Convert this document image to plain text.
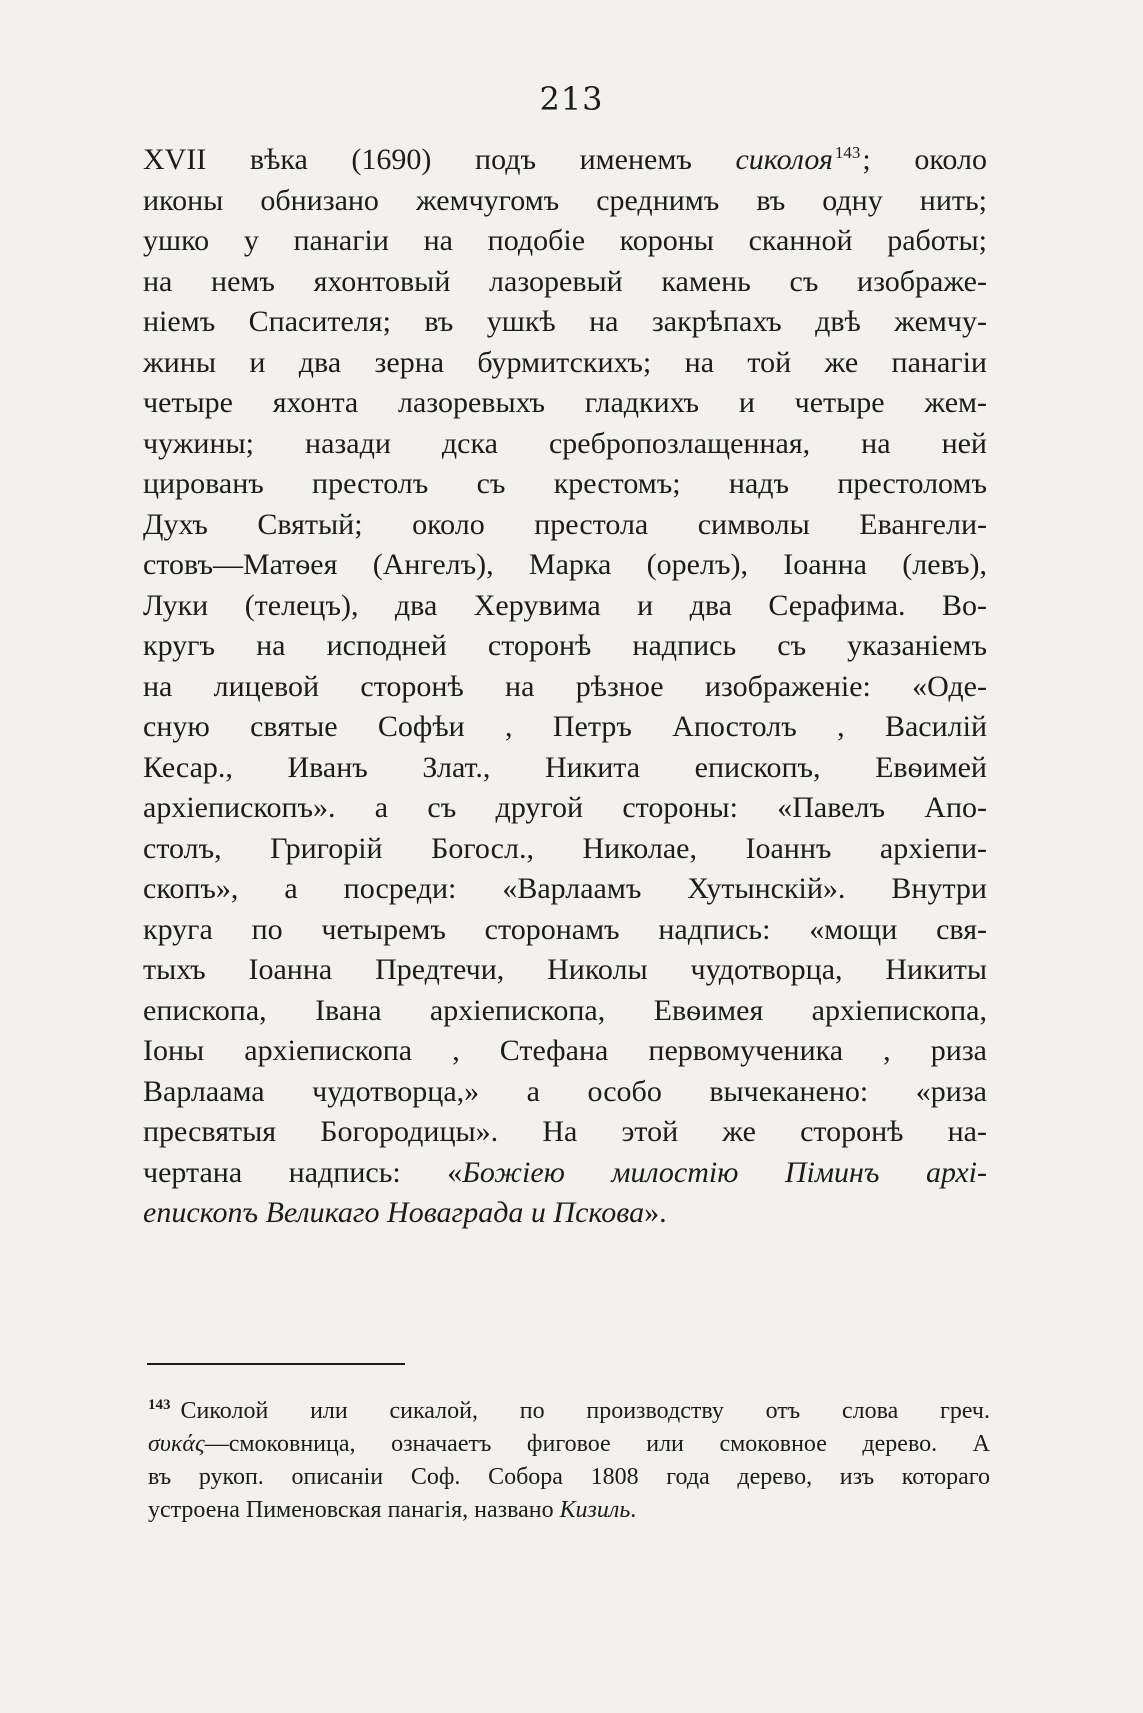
213
XVII вѣка (1690) подъ именемъ сиколоя $^{143}$; около
иконы обнизано жемчугомъ среднимъ въ одну нить;
ушко у панагіи на подобіе короны сканной работы;
на немъ яхонтовый лазоревый камень съ изображе-
ніемъ Спасителя; въ ушкѣ на закрѣпахъ двѣ жемчу-
жины и два зерна бурмитскихъ; на той же панагіи
четыре яхонта лазоревыхъ гладкихъ и четыре жем-
чужины; назади дска сребропозлащенная, на ней
цированъ престолъ съ крестомъ; надъ престоломъ
Духъ Святый; около престола символы Евангели-
стовъ—Матѳея (Ангелъ), Марка (орелъ), Іоанна (левъ),
Луки (телецъ), два Херувима и два Серафима. Во-
кругъ на исподней сторонѣ надпись съ указаніемъ
на лицевой сторонѣ на рѣзное изображеніе: «Оде-
сную святые Софѣи , Петръ Апостолъ , Василій
Кесар., Иванъ Злат., Никита епископъ, Евѳимей
архіепископъ». а съ другой стороны: «Павелъ Апо-
столъ, Григорій Богосл., Николае, Іоаннъ архіепи-
скопъ», а посреди: «Варлаамъ Хутынскій». Внутри
круга по четыремъ сторонамъ надпись: «мощи свя-
тыхъ Іоанна Предтечи, Николы чудотворца, Никиты
епископа, Івана архіепископа, Евѳимея архіепископа,
Іоны архіепископа , Стефана первомученика , риза
Варлаама чудотворца,» а особо вычеканено: «риза
пресвятыя Богородицы». На этой же сторонѣ на-
чертана надпись: «Божіею милостію Піминъ архі-
епископъ Великаго Новаграда и Пскова».
$^{143}$ Сиколой или сикалой, по производству отъ слова греч.
συκάς—смоковница, означаетъ фиговое или смоковное дерево. А
въ рукоп. описаніи Соф. Собора 1808 года дерево, изъ котораго
устроена Пименовская панагія, названо Кизиль.
